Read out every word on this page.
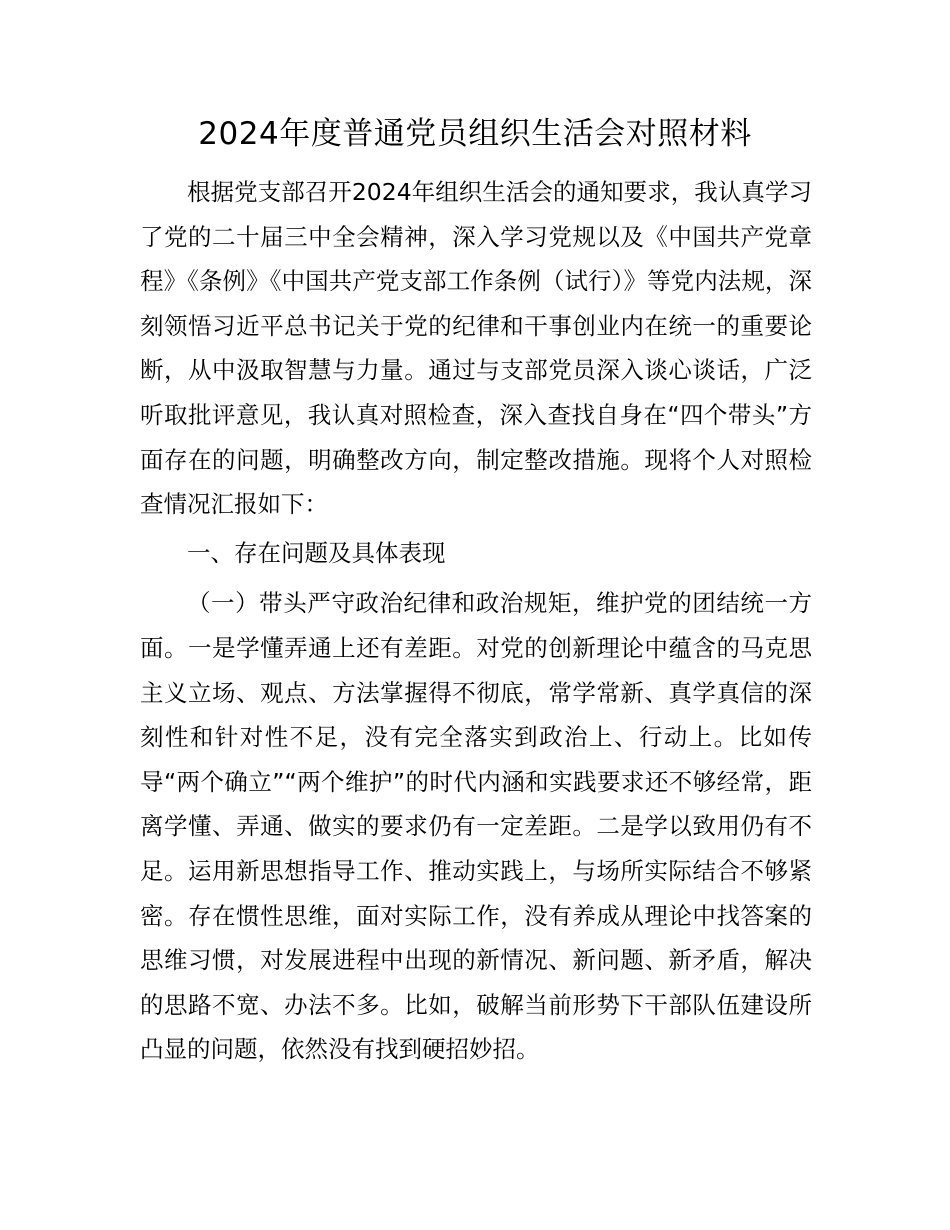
2024年度普通党员组织生活会对照材料

根据党支部召开2024年组织生活会的通知要求，我认真学习了党的二十届三中全会精神，深入学习党规以及《中国共产党章程》《条例》《中国共产党支部工作条例（试行）》等党内法规，深刻领悟习近平总书记关于党的纪律和干事创业内在统一的重要论断，从中汲取智慧与力量。通过与支部党员深入谈心谈话，广泛听取批评意见，我认真对照检查，深入查找自身在“四个带头”方面存在的问题，明确整改方向，制定整改措施。现将个人对照检查情况汇报如下：

一、存在问题及具体表现

（一）带头严守政治纪律和政治规矩，维护党的团结统一方面。一是学懂弄通上还有差距。对党的创新理论中蕴含的马克思主义立场、观点、方法掌握得不彻底，常学常新、真学真信的深刻性和针对性不足，没有完全落实到政治上、行动上。比如传导“两个确立”“两个维护”的时代内涵和实践要求还不够经常，距离学懂、弄通、做实的要求仍有一定差距。二是学以致用仍有不足。运用新思想指导工作、推动实践上，与场所实际结合不够紧密。存在惯性思维，面对实际工作，没有养成从理论中找答案的思维习惯，对发展进程中出现的新情况、新问题、新矛盾，解决的思路不宽、办法不多。比如，破解当前形势下干部队伍建设所凸显的问题，依然没有找到硬招妙招。
